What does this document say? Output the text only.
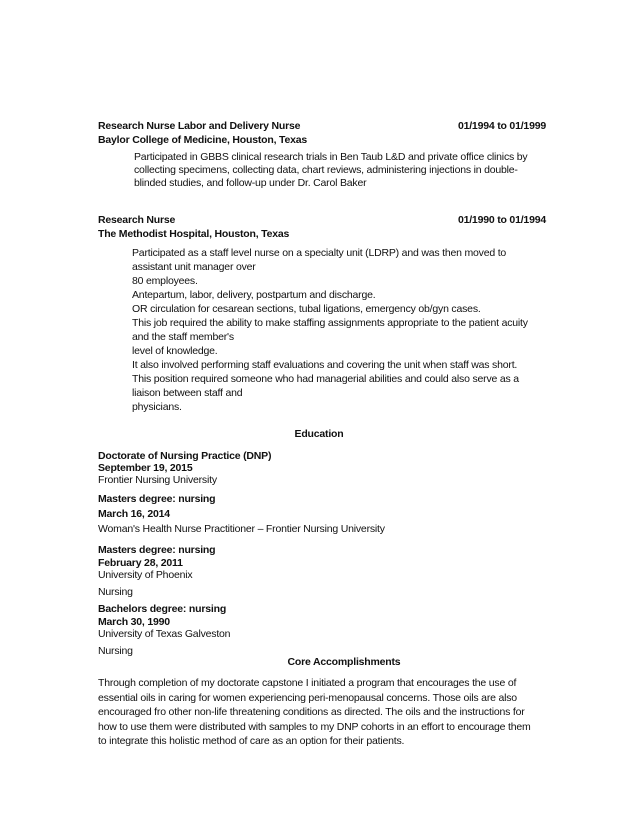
Research Nurse Labor and Delivery Nurse	01/1994 to 01/1999
Baylor College of Medicine, Houston, Texas
Participated in GBBS clinical research trials in Ben Taub L&D and private office clinics by
collecting specimens, collecting data, chart reviews, administering injections in double-
blinded studies, and follow-up under Dr. Carol Baker
Research Nurse	01/1990 to 01/1994
The Methodist Hospital, Houston, Texas
Participated as a staff level nurse on a specialty unit (LDRP) and was then moved to
assistant unit manager over
80 employees.
Antepartum, labor, delivery, postpartum and discharge.
OR circulation for cesarean sections, tubal ligations, emergency ob/gyn cases.
This job required the ability to make staffing assignments appropriate to the patient acuity
and the staff member's
level of knowledge.
It also involved performing staff evaluations and covering the unit when staff was short.
This position required someone who had managerial abilities and could also serve as a
liaison between staff and
physicians.
Education
Doctorate of Nursing Practice (DNP)
September 19, 2015
Frontier Nursing University
Masters degree: nursing
March 16, 2014
Woman's Health Nurse Practitioner – Frontier Nursing University
Masters degree: nursing
February 28, 2011
University of Phoenix
Nursing
Bachelors degree: nursing
March 30, 1990
University of Texas Galveston
Nursing
Core Accomplishments
Through completion of my doctorate capstone I initiated a program that encourages the use of
essential oils in caring for women experiencing peri-menopausal concerns. Those oils are also
encouraged fro other non-life threatening conditions as directed. The oils and the instructions for
how to use them were distributed with samples to my DNP cohorts in an effort to encourage them
to integrate this holistic method of care as an option for their patients.
